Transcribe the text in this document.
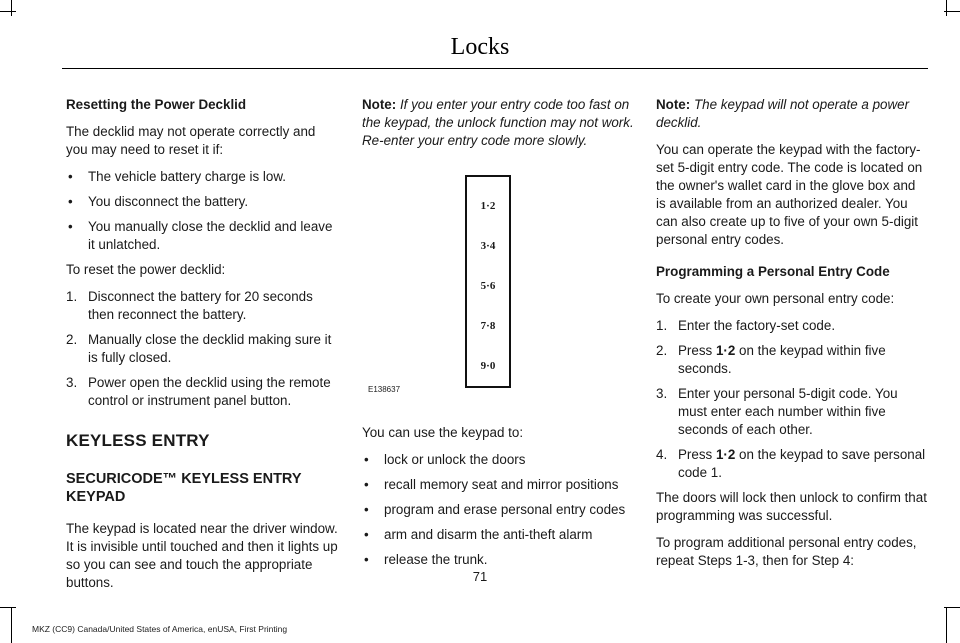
Locks
Resetting the Power Decklid

The decklid may not operate correctly and you may need to reset it if:

• The vehicle battery charge is low.
• You disconnect the battery.
• You manually close the decklid and leave it unlatched.

To reset the power decklid:

1. Disconnect the battery for 20 seconds then reconnect the battery.
2. Manually close the decklid making sure it is fully closed.
3. Power open the decklid using the remote control or instrument panel button.
KEYLESS ENTRY
SECURICODE™ KEYLESS ENTRY KEYPAD

The keypad is located near the driver window. It is invisible until touched and then it lights up so you can see and touch the appropriate buttons.

Note: If you enter your entry code too fast on the keypad, the unlock function may not work. Re-enter your entry code more slowly.

1·2
3·4
5·6
7·8
9·0
E138637

You can use the keypad to:

• lock or unlock the doors
• recall memory seat and mirror positions
• program and erase personal entry codes
• arm and disarm the anti-theft alarm
• release the trunk.

Note: The keypad will not operate a power decklid.

You can operate the keypad with the factory-set 5-digit entry code. The code is located on the owner's wallet card in the glove box and is available from an authorized dealer. You can also create up to five of your own 5-digit personal entry codes.

Programming a Personal Entry Code

To create your own personal entry code:

1. Enter the factory-set code.
2. Press 1·2 on the keypad within five seconds.
3. Enter your personal 5-digit code. You must enter each number within five seconds of each other.
4. Press 1·2 on the keypad to save personal code 1.

The doors will lock then unlock to confirm that programming was successful.

To program additional personal entry codes, repeat Steps 1-3, then for Step 4:

71
MKZ (CC9) Canada/United States of America, enUSA, First Printing
